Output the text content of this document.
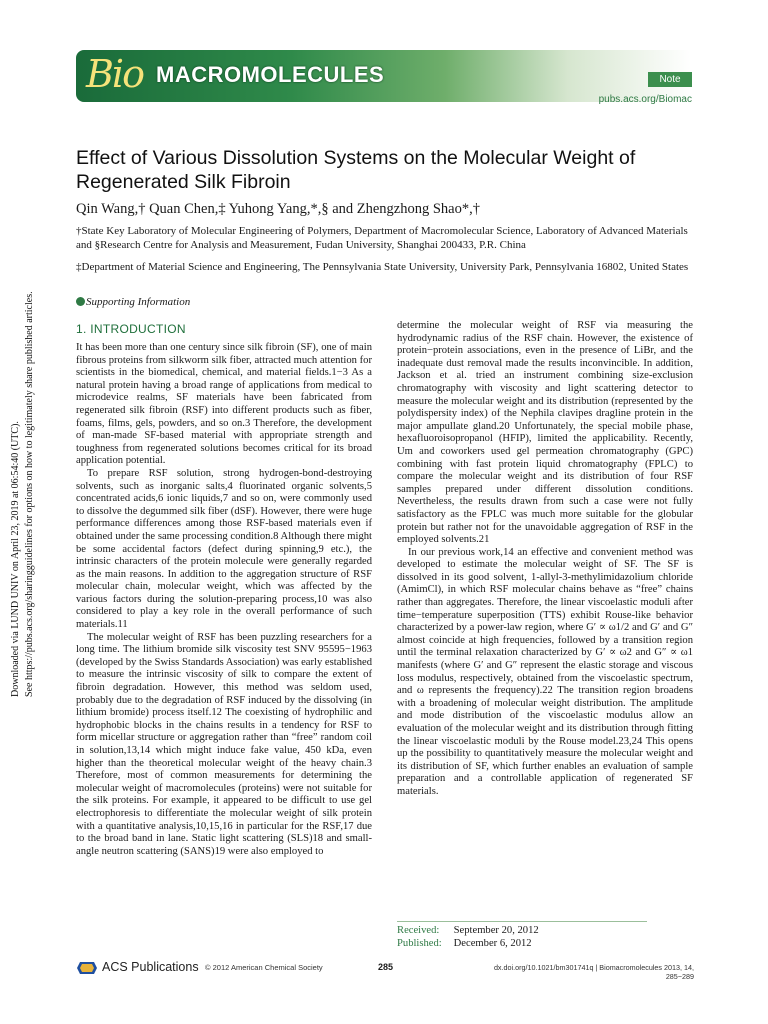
Bio MACROMOLECULES	Note
pubs.acs.org/Biomac
Effect of Various Dissolution Systems on the Molecular Weight of Regenerated Silk Fibroin
Qin Wang,† Quan Chen,‡ Yuhong Yang,*,§ and Zhengzhong Shao*,†
†State Key Laboratory of Molecular Engineering of Polymers, Department of Macromolecular Science, Laboratory of Advanced Materials and §Research Centre for Analysis and Measurement, Fudan University, Shanghai 200433, P.R. China
‡Department of Material Science and Engineering, The Pennsylvania State University, University Park, Pennsylvania 16802, United States
Supporting Information
1. INTRODUCTION

It has been more than one century since silk fibroin (SF), one of main fibrous proteins from silkworm silk fiber, attracted much attention for scientists in the biomedical, chemical, and material fields.1−3 As a natural protein having a broad range of applications from medical to microdevice realms, SF materials have been fabricated from regenerated silk fibroin (RSF) into different products such as fiber, foams, films, gels, powders, and so on.3 Therefore, the development of man-made SF-based material with appropriate strength and toughness from regenerated solutions becomes critical for its broad application potential.

To prepare RSF solution, strong hydrogen-bond-destroying solvents, such as inorganic salts,4 fluorinated organic solvents,5 concentrated acids,6 ionic liquids,7 and so on, were commonly used to dissolve the degummed silk fiber (dSF). However, there were huge performance differences among those RSF-based materials even if obtained under the same processing condition.8 Although there might be some accidental factors (defect during spinning,9 etc.), the intrinsic characters of the protein molecule were generally regarded as the main reasons. In addition to the aggregation structure of RSF molecular chain, molecular weight, which was affected by the various factors during the solution-preparing process,10 was also considered to play a key role in the overall performance of such materials.11

The molecular weight of RSF has been puzzling researchers for a long time. The lithium bromide silk viscosity test SNV 95595−1963 (developed by the Swiss Standards Association) was early established to measure the intrinsic viscosity of silk to compare the extent of fibroin degradation. However, this method was seldom used, probably due to the degradation of RSF induced by the dissolving (in lithium bromide) process itself.12 The coexisting of hydrophilic and hydrophobic blocks in the chains results in a tendency for RSF to form micellar structure or aggregation rather than “free” random coil in solution,13,14 which might induce fake value, 450 kDa, even higher than the theoretical molecular weight of the heavy chain.3 Therefore, most of common measurements for determining the molecular weight of macromolecules (proteins) were not suitable for the silk proteins. For example, it appeared to be difficult to use gel electrophoresis to differentiate the molecular weight of silk protein with a quantitative analysis,10,15,16 in particular for the RSF,17 due to the broad band in lane. Static light scattering (SLS)18 and small-angle neutron scattering (SANS)19 were also employed to

determine the molecular weight of RSF via measuring the hydrodynamic radius of the RSF chain. However, the existence of protein−protein associations, even in the presence of LiBr, and the inadequate dust removal made the results inconvincible. In addition, Jackson et al. tried an instrument combining size-exclusion chromatography with viscosity and light scattering detector to measure the molecular weight and its distribution (represented by the polydispersity index) of the Nephila clavipes dragline protein in the major ampullate gland.20 Unfortunately, the special mobile phase, hexafluoroisopropanol (HFIP), limited the applicability. Recently, Um and coworkers used gel permeation chromatography (GPC) combining with fast protein liquid chromatography (FPLC) to compare the molecular weight and its distribution of four RSF samples prepared under different dissolution conditions. Nevertheless, the results drawn from such a case were not fully satisfactory as the FPLC was much more suitable for the globular protein but rather not for the unavoidable aggregation of RSF in the employed solvents.21

In our previous work,14 an effective and convenient method was developed to estimate the molecular weight of SF. The SF is dissolved in its good solvent, 1-allyl-3-methylimidazolium chloride (AmimCl), in which RSF molecular chains behave as “free” chains rather than aggregates. Therefore, the linear viscoelastic moduli after time−temperature superposition (TTS) exhibit Rouse-like behavior characterized by a power-law region, where G′ ∝ ω1/2 and G′ and G″ almost coincide at high frequencies, followed by a transition region until the terminal relaxation characterized by G′ ∝ ω2 and G″ ∝ ω1 manifests (where G′ and G″ represent the elastic storage and viscous loss modulus, respectively, obtained from the viscoelastic spectrum, and ω represents the frequency).22 The transition region broadens with a broadening of molecular weight distribution. The amplitude and mode distribution of the viscoelastic modulus allow an evaluation of the molecular weight and its distribution through fitting the linear viscoelastic moduli by the Rouse model.23,24 This opens up the possibility to quantitatively measure the molecular weight and its distribution of SF, which further enables an evaluation of sample preparation and a controllable application of regenerated SF materials.

Received: September 20, 2012
Published: December 6, 2012
ACS Publications © 2012 American Chemical Society	285	dx.doi.org/10.1021/bm301741q | Biomacromolecules 2013, 14, 285−289
Downloaded via LUND UNIV on April 23, 2019 at 06:54:40 (UTC). See https://pubs.acs.org/sharingguidelines for options on how to legitimately share published articles.
